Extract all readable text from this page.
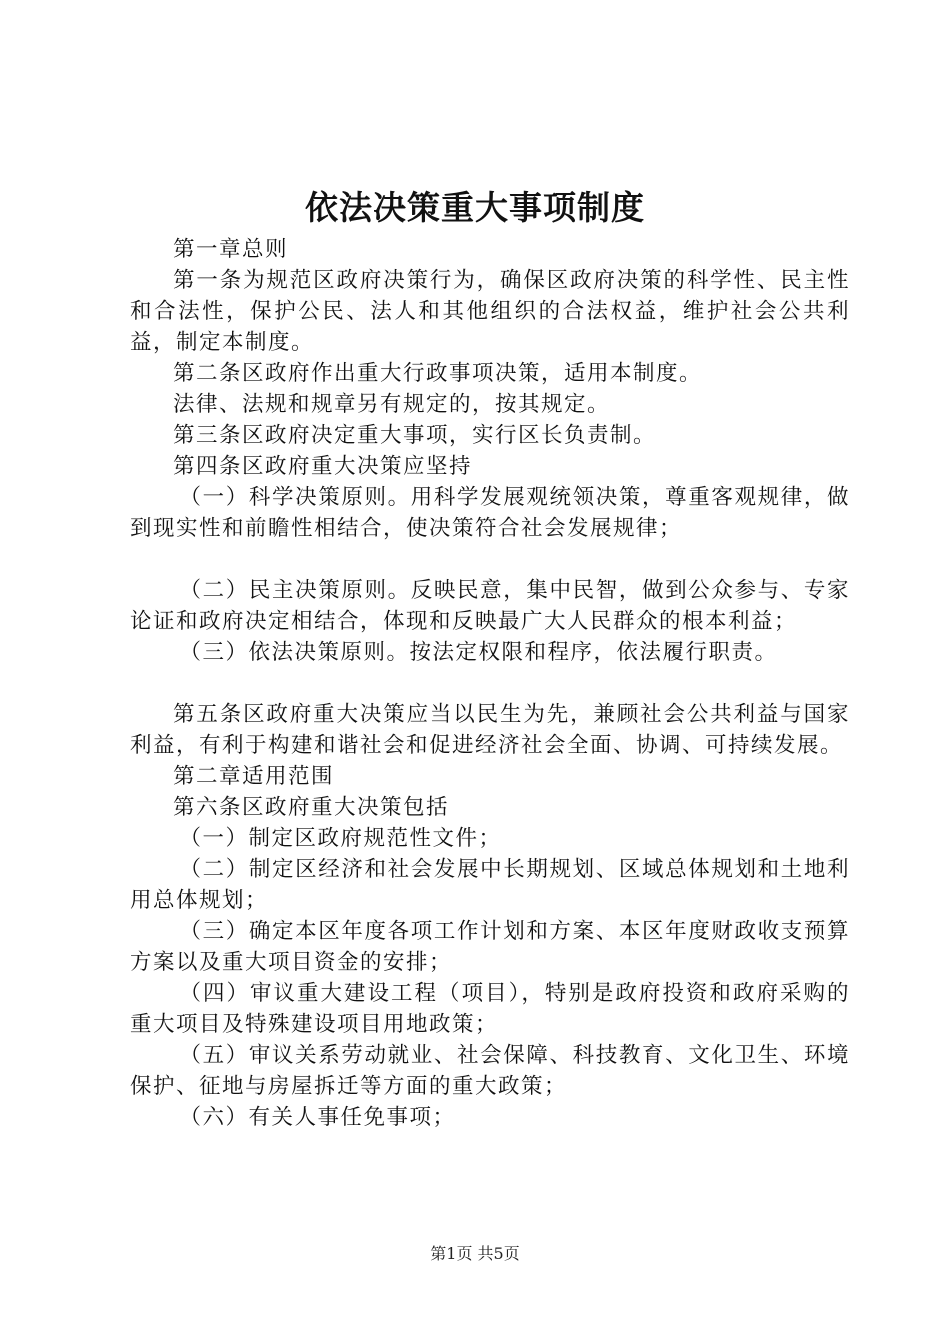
依法决策重大事项制度

第一章总则

第一条为规范区政府决策行为，确保区政府决策的科学性、民主性和合法性，保护公民、法人和其他组织的合法权益，维护社会公共利益，制定本制度。

第二条区政府作出重大行政事项决策，适用本制度。

法律、法规和规章另有规定的，按其规定。

第三条区政府决定重大事项，实行区长负责制。

第四条区政府重大决策应坚持

（一）科学决策原则。用科学发展观统领决策，尊重客观规律，做到现实性和前瞻性相结合，使决策符合社会发展规律；

（二）民主决策原则。反映民意，集中民智，做到公众参与、专家论证和政府决定相结合，体现和反映最广大人民群众的根本利益；

（三）依法决策原则。按法定权限和程序，依法履行职责。

第五条区政府重大决策应当以民生为先，兼顾社会公共利益与国家利益，有利于构建和谐社会和促进经济社会全面、协调、可持续发展。

第二章适用范围

第六条区政府重大决策包括

（一）制定区政府规范性文件；

（二）制定区经济和社会发展中长期规划、区域总体规划和土地利用总体规划；

（三）确定本区年度各项工作计划和方案、本区年度财政收支预算方案以及重大项目资金的安排；

（四）审议重大建设工程（项目），特别是政府投资和政府采购的重大项目及特殊建设项目用地政策；

（五）审议关系劳动就业、社会保障、科技教育、文化卫生、环境保护、征地与房屋拆迁等方面的重大政策；

（六）有关人事任免事项；

第1页 共5页
